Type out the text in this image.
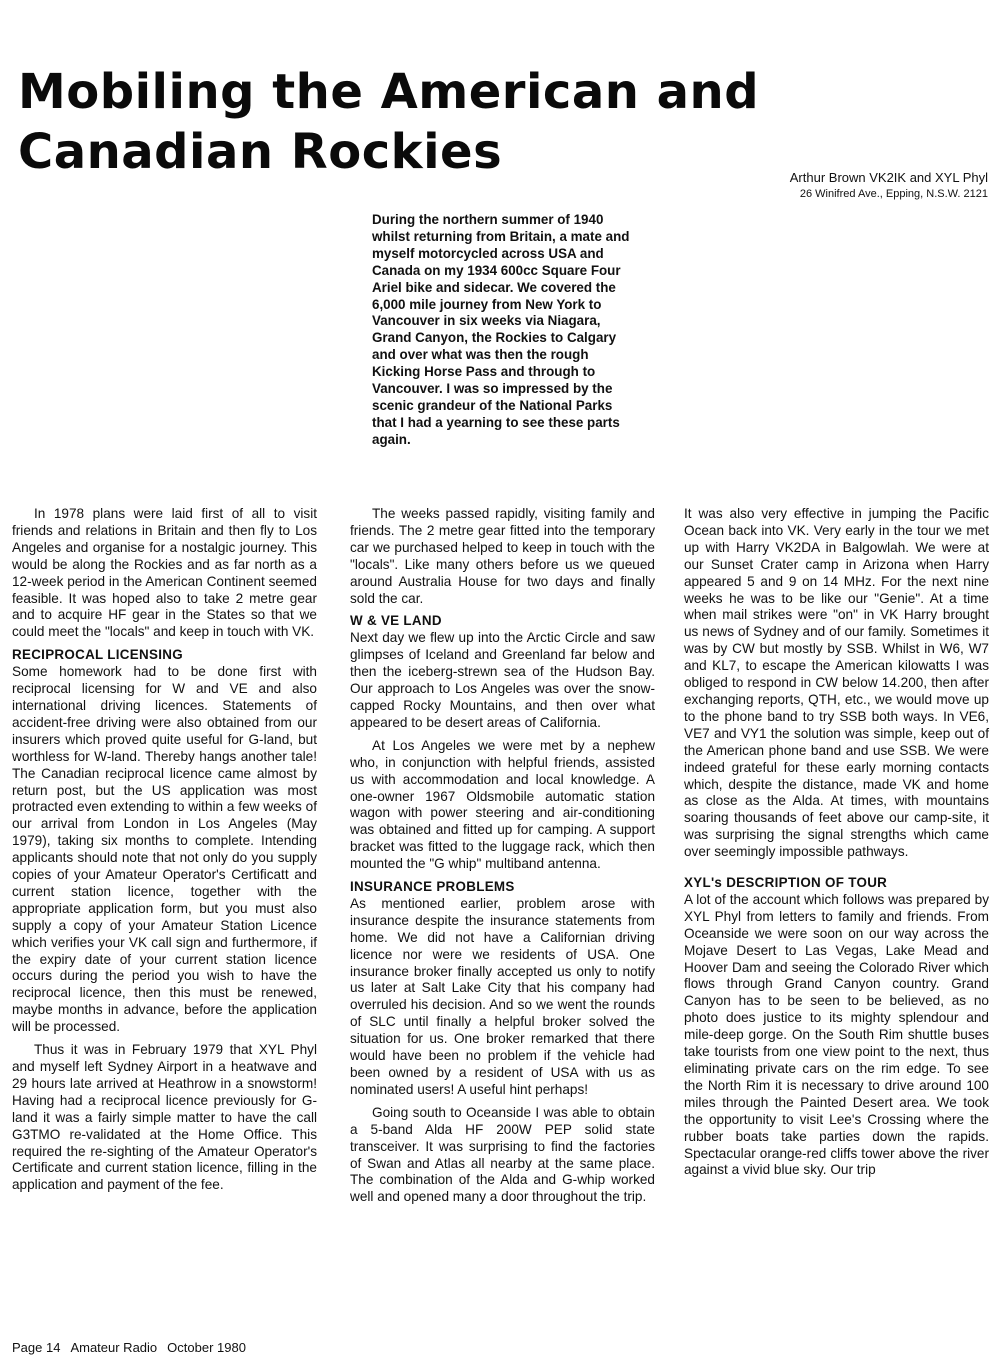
Mobiling the American and
Canadian Rockies	Arthur Brown VK2IK and XYL Phyl
26 Winifred Ave., Epping, N.S.W. 2121

During the northern summer of 1940 whilst returning from Britain, a mate and myself motorcycled across USA and Canada on my 1934 600cc Square Four Ariel bike and sidecar. We covered the 6,000 mile journey from New York to Vancouver in six weeks via Niagara, Grand Canyon, the Rockies to Calgary and over what was then the rough Kicking Horse Pass and through to Vancouver. I was so impressed by the scenic grandeur of the National Parks that I had a yearning to see these parts again.

In 1978 plans were laid first of all to visit friends and relations in Britain and then fly to Los Angeles and organise for a nostalgic journey. This would be along the Rockies and as far north as a 12-week period in the American Continent seemed feasible. It was hoped also to take 2 metre gear and to acquire HF gear in the States so that we could meet the "locals" and keep in touch with VK.

RECIPROCAL LICENSING

Some homework had to be done first with reciprocal licensing for W and VE and also international driving licences. Statements of accident-free driving were also obtained from our insurers which proved quite useful for G-land, but worthless for W-land. Thereby hangs another tale! The Canadian reciprocal licence came almost by return post, but the US application was most protracted even extending to within a few weeks of our arrival from London in Los Angeles (May 1979), taking six months to complete. Intending applicants should note that not only do you supply copies of your Amateur Operator's Certificatt and current station licence, together with the appropriate application form, but you must also supply a copy of your Amateur Station Licence which verifies your VK call sign and furthermore, if the expiry date of your current station licence occurs during the period you wish to have the reciprocal licence, then this must be renewed, maybe months in advance, before the application will be processed.

Thus it was in February 1979 that XYL Phyl and myself left Sydney Airport in a heatwave and 29 hours late arrived at Heathrow in a snowstorm! Having had a reciprocal licence previously for G-land it was a fairly simple matter to have the call G3TMO re-validated at the Home Office. This required the re-sighting of the Amateur Operator's Certificate and current station licence, filling in the application and payment of the fee.

The weeks passed rapidly, visiting family and friends. The 2 metre gear fitted into the temporary car we purchased helped to keep in touch with the "locals". Like many others before us we queued around Australia House for two days and finally sold the car.

W & VE LAND

Next day we flew up into the Arctic Circle and saw glimpses of Iceland and Greenland far below and then the iceberg-strewn sea of the Hudson Bay. Our approach to Los Angeles was over the snow-capped Rocky Mountains, and then over what appeared to be desert areas of California.

At Los Angeles we were met by a nephew who, in conjunction with helpful friends, assisted us with accommodation and local knowledge. A one-owner 1967 Oldsmobile automatic station wagon with power steering and air-conditioning was obtained and fitted up for camping. A support bracket was fitted to the luggage rack, which then mounted the "G whip" multiband antenna.

INSURANCE PROBLEMS

As mentioned earlier, problem arose with insurance despite the insurance statements from home. We did not have a Californian driving licence nor were we residents of USA. One insurance broker finally accepted us only to notify us later at Salt Lake City that his company had overruled his decision. And so we went the rounds of SLC until finally a helpful broker solved the situation for us. One broker remarked that there would have been no problem if the vehicle had been owned by a resident of USA with us as nominated users! A useful hint perhaps!

Going south to Oceanside I was able to obtain a 5-band Alda HF 200W PEP solid state transceiver. It was surprising to find the factories of Swan and Atlas all nearby at the same place. The combination of the Alda and G-whip worked well and opened many a door throughout the trip.

It was also very effective in jumping the Pacific Ocean back into VK. Very early in the tour we met up with Harry VK2DA in Balgowlah. We were at our Sunset Crater camp in Arizona when Harry appeared 5 and 9 on 14 MHz. For the next nine weeks he was to be like our "Genie". At a time when mail strikes were "on" in VK Harry brought us news of Sydney and of our family. Sometimes it was by CW but mostly by SSB. Whilst in W6, W7 and KL7, to escape the American kilowatts I was obliged to respond in CW below 14.200, then after exchanging reports, QTH, etc., we would move up to the phone band to try SSB both ways. In VE6, VE7 and VY1 the solution was simple, keep out of the American phone band and use SSB. We were indeed grateful for these early morning contacts which, despite the distance, made VK and home as close as the Alda. At times, with mountains soaring thousands of feet above our camp-site, it was surprising the signal strengths which came over seemingly impossible pathways.

XYL's DESCRIPTION OF TOUR

A lot of the account which follows was prepared by XYL Phyl from letters to family and friends. From Oceanside we were soon on our way across the Mojave Desert to Las Vegas, Lake Mead and Hoover Dam and seeing the Colorado River which flows through Grand Canyon country. Grand Canyon has to be seen to be believed, as no photo does justice to its mighty splendour and mile-deep gorge. On the South Rim shuttle buses take tourists from one view point to the next, thus eliminating private cars on the rim edge. To see the North Rim it is necessary to drive around 100 miles through the Painted Desert area. We took the opportunity to visit Lee's Crossing where the rubber boats take parties down the rapids. Spectacular orange-red cliffs tower above the river against a vivid blue sky. Our trip

Page 14 Amateur Radio October 1980
